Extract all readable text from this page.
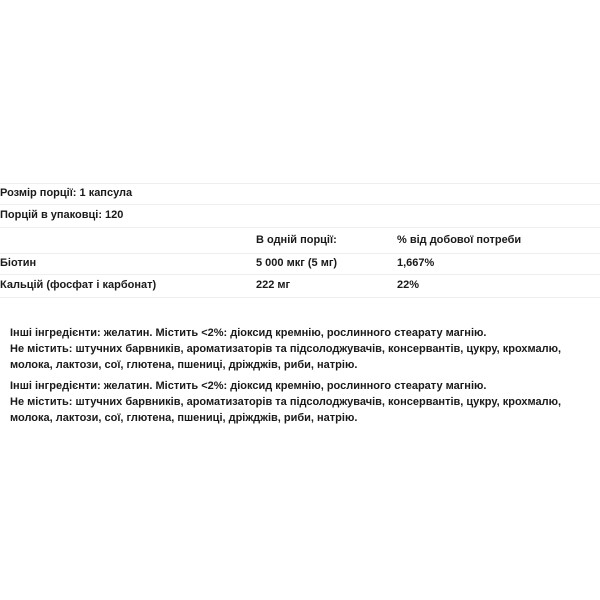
Розмір порції: 1 капсула		
Порцій в упаковці: 120		
	В одній порції:	% від добової потреби
Біотин	5 000 мкг (5 мг)	1,667%
Кальцій (фосфат і карбонат)	222 мг	22%

Інші інгредієнти: желатин. Містить <2%: діоксид кремнію, рослинного стеарату магнію.

Не містить: штучних барвників, ароматизаторів та підсолоджувачів, консервантів, цукру, крохмалю, молока, лактози, сої, глютена, пшениці, дріжджів, риби, натрію.

Інші інгредієнти: желатин. Містить <2%: діоксид кремнію, рослинного стеарату магнію.

Не містить: штучних барвників, ароматизаторів та підсолоджувачів, консервантів, цукру, крохмалю, молока, лактози, сої, глютена, пшениці, дріжджів, риби, натрію.
